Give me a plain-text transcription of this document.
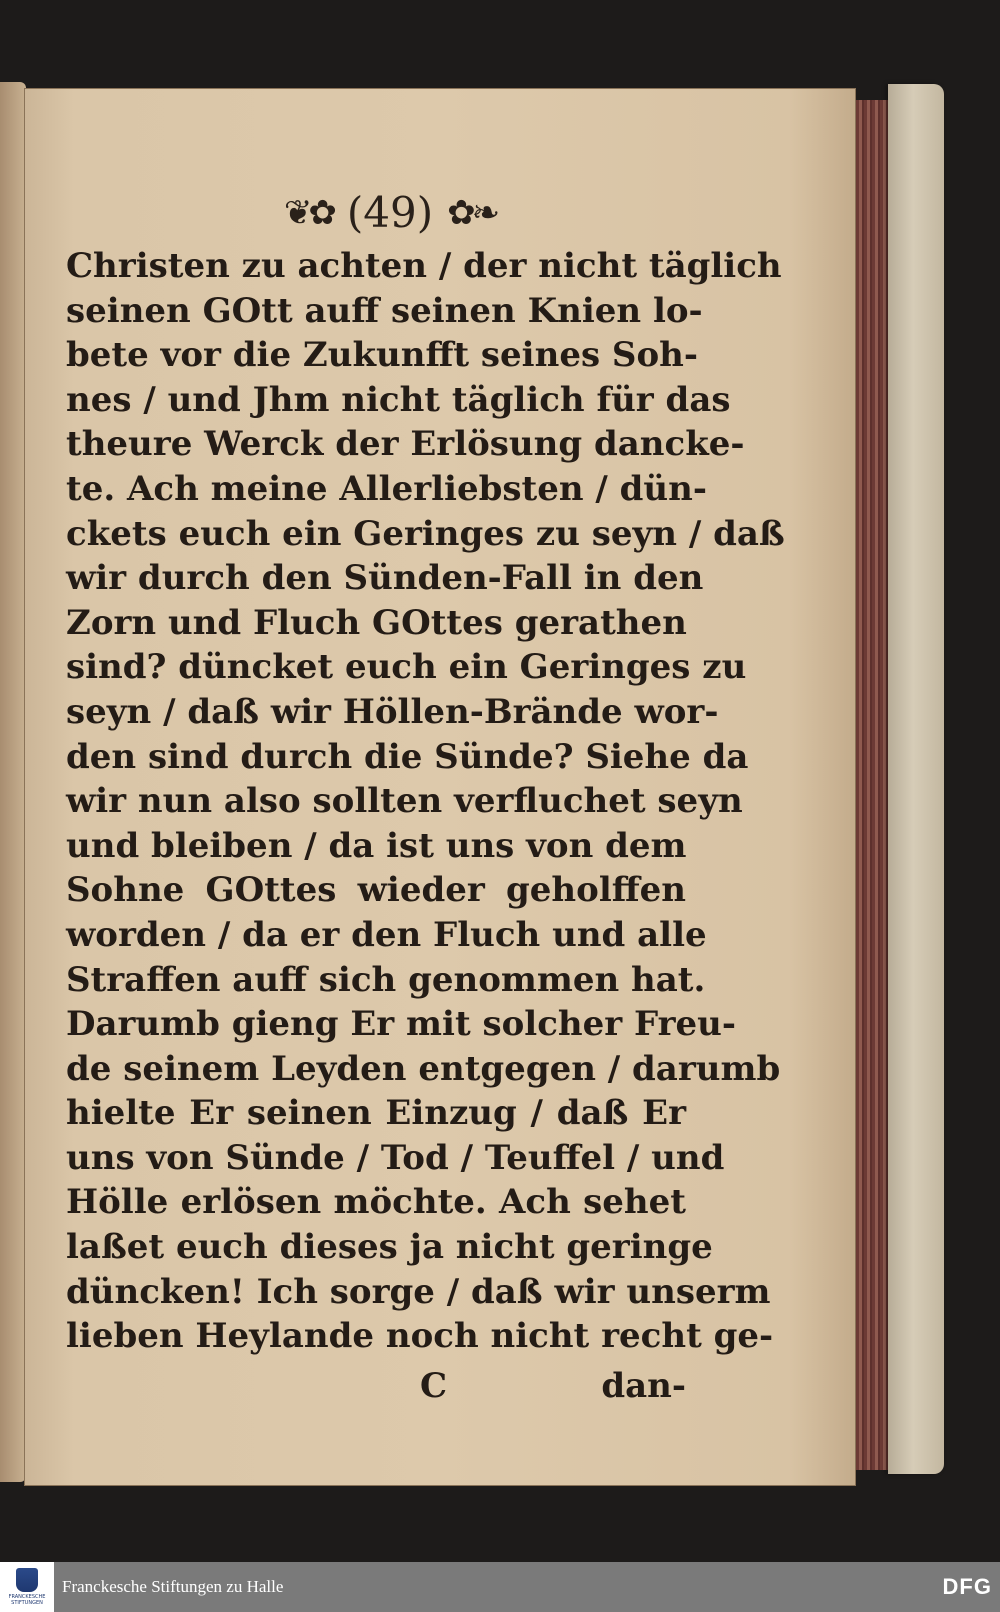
❦✿ (49) ✿❧
Christen zu achten / der nicht täglich
seinen GOtt auff seinen Knien lo-
bete vor die Zukunfft seines Soh-
nes / und Jhm nicht täglich für das
theure Werck der Erlösung dancke-
te. Ach meine Allerliebsten / dün-
ckets euch ein Geringes zu seyn / daß
wir durch den Sünden-Fall in den
Zorn und Fluch GOttes gerathen
sind? düncket euch ein Geringes zu
seyn / daß wir Höllen-Brände wor-
den sind durch die Sünde? Siehe da
wir nun also sollten verfluchet seyn
und bleiben / da ist uns von dem
Sohne GOttes wieder geholffen
worden / da er den Fluch und alle
Straffen auff sich genommen hat.
Darumb gieng Er mit solcher Freu-
de seinem Leyden entgegen / darumb
hielte Er seinen Einzug / daß Er
uns von Sünde / Tod / Teuffel / und
Hölle erlösen möchte. Ach sehet
laßet euch dieses ja nicht geringe
düncken! Ich sorge / daß wir unserm
lieben Heylande noch nicht recht ge-
C	dan-
FRANCKESCHE STIFTUNGEN
Franckesche Stiftungen zu Halle	DFG
